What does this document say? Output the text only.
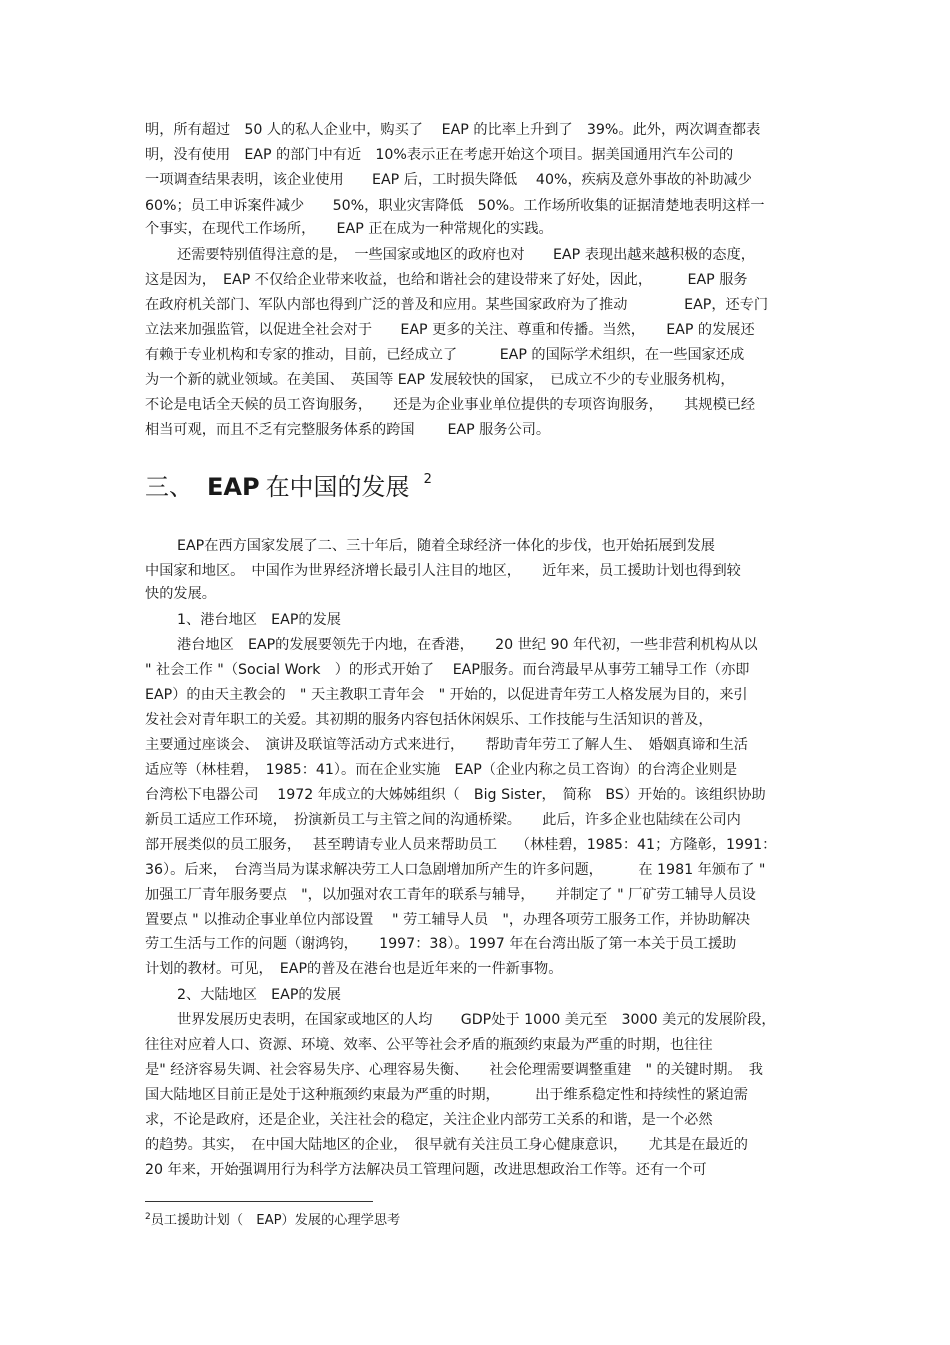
明，所有超过　50 人的私人企业中，购买了　 EAP 的比率上升到了　39%。此外，两次调查都表
明，没有使用　EAP 的部门中有近　10%表示正在考虑开始这个项目。据美国通用汽车公司的
一项调查结果表明，该企业使用　　EAP 后，工时损失降低　 40%，疾病及意外事故的补助减少
60%；员工申诉案件减少　　50%，职业灾害降低　50%。工作场所收集的证据清楚地表明这样一
个事实，在现代工作场所，　　EAP 正在成为一种常规化的实践。
还需要特别值得注意的是，　一些国家或地区的政府也对　　EAP 表现出越来越积极的态度，
这是因为，　EAP 不仅给企业带来收益，也给和谐社会的建设带来了好处，因此，　　　EAP 服务
在政府机关部门、军队内部也得到广泛的普及和应用。某些国家政府为了推动　　　　EAP，还专门
立法来加强监管，以促进全社会对于　　EAP 更多的关注、尊重和传播。当然，　　EAP 的发展还
有赖于专业机构和专家的推动，目前，已经成立了　　　EAP 的国际学术组织，在一些国家还成
为一个新的就业领域。在美国、　英国等 EAP 发展较快的国家，　已成立不少的专业服务机构，
不论是电话全天候的员工咨询服务，　　还是为企业事业单位提供的专项咨询服务，　　其规模已经
相当可观，而且不乏有完整服务体系的跨国　　 EAP 服务公司。
三、 EAP 在中国的发展 $^2$
EAP在西方国家发展了二、三十年后，随着全球经济一体化的步伐，也开始拓展到发展
中国家和地区。　中国作为世界经济增长最引人注目的地区，　　近年来，员工援助计划也得到较
快的发展。
1、港台地区　EAP的发展
港台地区　EAP的发展要领先于内地，在香港，　　20 世纪 90 年代初，一些非营利机构从以
" 社会工作 "（Social Work　）的形式开始了　 EAP服务。而台湾最早从事劳工辅导工作（亦即
EAP）的由天主教会的　" 天主教职工青年会　" 开始的，以促进青年劳工人格发展为目的，来引
发社会对青年职工的关爱。其初期的服务内容包括休闲娱乐、工作技能与生活知识的普及，
主要通过座谈会、　演讲及联谊等活动方式来进行，　　帮助青年劳工了解人生、　婚姻真谛和生活
适应等（林桂碧，　1985：41）。而在企业实施　EAP（企业内称之员工咨询）的台湾企业则是
台湾松下电器公司　 1972 年成立的大姊姊组织（　Big Sister，　简称　BS）开始的。该组织协助
新员工适应工作环境，　扮演新员工与主管之间的沟通桥梁。　　此后，许多企业也陆续在公司内
部开展类似的员工服务，　 甚至聘请专业人员来帮助员工　 （林桂碧，1985：41；方隆彰，1991：
36）。后来，　台湾当局为谋求解决劳工人口急剧增加所产生的许多问题，　　　在 1981 年颁布了 "
加强工厂青年服务要点　"，以加强对农工青年的联系与辅导，　　并制定了 " 厂矿劳工辅导人员设
置要点 " 以推动企事业单位内部设置　 " 劳工辅导人员　"，办理各项劳工服务工作，并协助解决
劳工生活与工作的问题（谢鸿钧，　　1997：38）。1997 年在台湾出版了第一本关于员工援助
计划的教材。可见，　EAP的普及在港台也是近年来的一件新事物。
2、大陆地区　EAP的发展
世界发展历史表明，在国家或地区的人均　　GDP处于 1000 美元至　3000 美元的发展阶段，
往往对应着人口、资源、环境、效率、公平等社会矛盾的瓶颈约束最为严重的时期，也往往
是" 经济容易失调、社会容易失序、心理容易失衡、　　社会伦理需要调整重建　" 的关键时期。　我
国大陆地区目前正是处于这种瓶颈约束最为严重的时期，　　　出于维系稳定性和持续性的紧迫需
求，不论是政府，还是企业，关注社会的稳定，关注企业内部劳工关系的和谐，是一个必然
的趋势。其实，　在中国大陆地区的企业，　很早就有关注员工身心健康意识，　　尤其是在最近的
20 年来，开始强调用行为科学方法解决员工管理问题，改进思想政治工作等。还有一个可
$^2$员工援助计划（　EAP）发展的心理学思考
